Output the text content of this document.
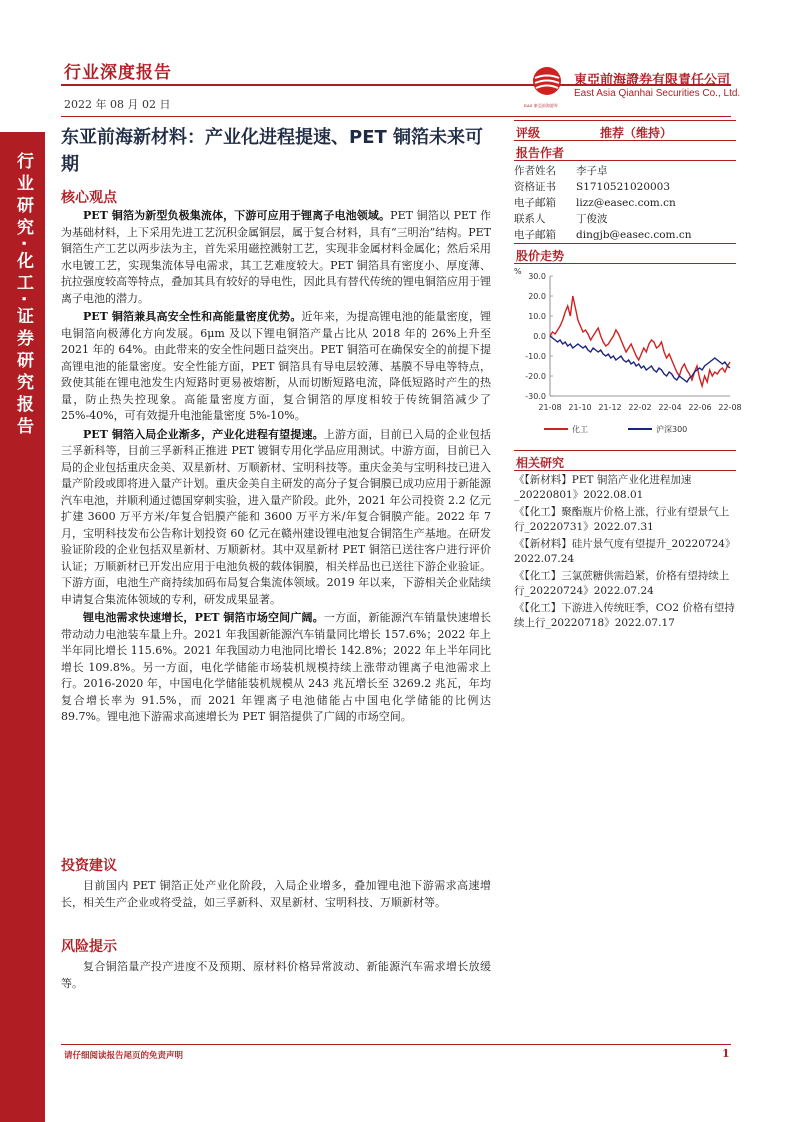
行业研究·化工·证券研究报告
行业深度报告
2022 年 08 月 02 日	EAS 東亞前海證券
東亞前海證券有限責任公司
East Asia Qianhai Securities Co., Ltd.
东亚前海新材料：产业化进程提速、PET 铜箔未来可期
核心观点

PET 铜箔为新型负极集流体，下游可应用于锂离子电池领域。PET 铜箔以 PET 作为基础材料，上下采用先进工艺沉积金属铜层，属于复合材料，具有“三明治”结构。PET 铜箔生产工艺以两步法为主，首先采用磁控溅射工艺，实现非金属材料金属化；然后采用水电镀工艺，实现集流体导电需求，其工艺难度较大。PET 铜箔具有密度小、厚度薄、抗拉强度较高等特点，叠加其具有较好的导电性，因此具有替代传统的锂电铜箔应用于锂离子电池的潜力。

PET 铜箔兼具高安全性和高能量密度优势。近年来，为提高锂电池的能量密度，锂电铜箔向极薄化方向发展。6μm 及以下锂电铜箔产量占比从 2018 年的 26%上升至 2021 年的 64%。由此带来的安全性问题日益突出。PET 铜箔可在确保安全的前提下提高锂电池的能量密度。安全性能方面，PET 铜箔具有导电层较薄、基膜不导电等特点，致使其能在锂电池发生内短路时更易被熔断，从而切断短路电流，降低短路时产生的热量，防止热失控现象。高能量密度方面，复合铜箔的厚度相较于传统铜箔减少了 25%-40%，可有效提升电池能量密度 5%-10%。

PET 铜箔入局企业渐多，产业化进程有望提速。上游方面，目前已入局的企业包括三孚新科等，目前三孚新科正推进 PET 镀铜专用化学品应用测试。中游方面，目前已入局的企业包括重庆金美、双星新材、万顺新材、宝明科技等。重庆金美与宝明科技已进入量产阶段或即将进入量产计划。重庆金美自主研发的高分子复合铜膜已成功应用于新能源汽车电池，并顺利通过德国穿刺实验，进入量产阶段。此外，2021 年公司投资 2.2 亿元扩建 3600 万平方米/年复合铝膜产能和 3600 万平方米/年复合铜膜产能。2022 年 7 月，宝明科技发布公告称计划投资 60 亿元在赣州建设锂电池复合铜箔生产基地。在研发验证阶段的企业包括双星新材、万顺新材。其中双星新材 PET 铜箔已送往客户进行评价认证；万顺新材已开发出应用于电池负极的载体铜膜，相关样品也已送往下游企业验证。下游方面，电池生产商持续加码布局复合集流体领域。2019 年以来，下游相关企业陆续申请复合集流体领域的专利，研发成果显著。

锂电池需求快速增长，PET 铜箔市场空间广阔。一方面，新能源汽车销量快速增长带动动力电池装车量上升。2021 年我国新能源汽车销量同比增长 157.6%；2022 年上半年同比增长 115.6%。2021 年我国动力电池同比增长 142.8%；2022 年上半年同比增长 109.8%。另一方面，电化学储能市场装机规模持续上涨带动锂离子电池需求上行。2016-2020 年，中国电化学储能装机规模从 243 兆瓦增长至 3269.2 兆瓦，年均复合增长率为 91.5%，而 2021 年锂离子电池储能占中国电化学储能的比例达 89.7%。锂电池下游需求高速增长为 PET 铜箔提供了广阔的市场空间。

投资建议

目前国内 PET 铜箔正处产业化阶段，入局企业增多，叠加锂电池下游需求高速增长，相关生产企业或将受益，如三孚新科、双星新材、宝明科技、万顺新材等。

风险提示

复合铜箔量产投产进度不及预期、原材料价格异常波动、新能源汽车需求增长放缓等。

评级	推荐（维持）
报告作者
作者姓名 李子卓
资格证书 S1710521020003
电子邮箱 lizz@easec.com.cn
联系人	丁俊波
电子邮箱 dingjb@easec.com.cn
股价走势
%
30.0
20.0
10.0
0.0
-10.0
-20.0
-30.0
21-08 21-10 21-12 22-02 22-04 22-06 22-08
化工	沪深300
相关研究
《【新材料】PET 铜箔产业化进程加速_20220801》2022.08.01
《【化工】聚酯瓶片价格上涨，行业有望景气上行_20220731》2022.07.31
《【新材料】硅片景气度有望提升_20220724》2022.07.24
《【化工】三氯蔗糖供需趋紧，价格有望持续上行_20220724》2022.07.24
《【化工】下游进入传统旺季，CO2 价格有望持续上行_20220718》2022.07.17
请仔细阅读报告尾页的免责声明	1
